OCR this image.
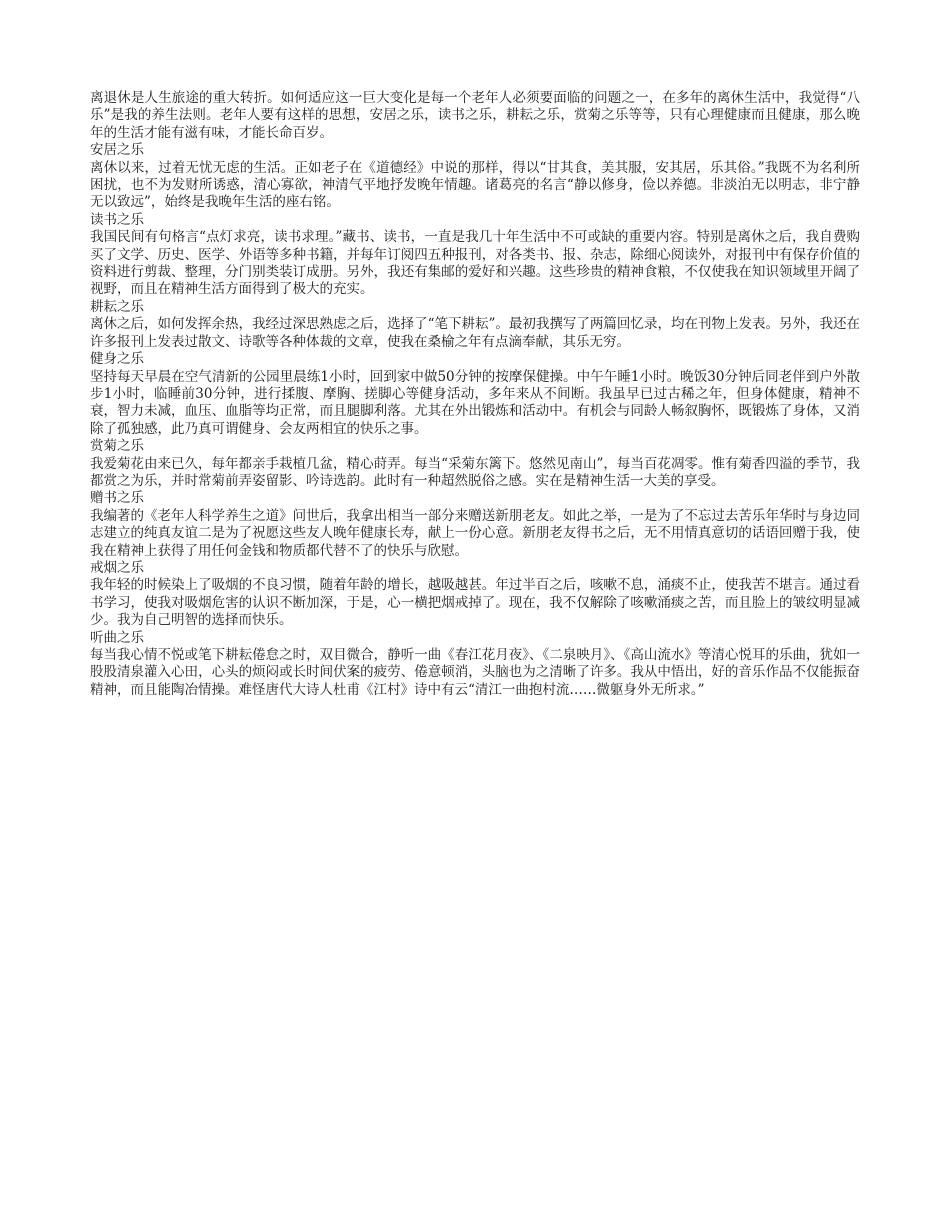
离退休是人生旅途的重大转折。如何适应这一巨大变化是每一个老年人必须要面临的问题之一，在多年的离休生活中，我觉得“八乐”是我的养生法则。老年人要有这样的思想，安居之乐，读书之乐，耕耘之乐，赏菊之乐等等，只有心理健康而且健康，那么晚年的生活才能有滋有味，才能长命百岁。

安居之乐

离休以来，过着无忧无虑的生活。正如老子在《道德经》中说的那样，得以“甘其食，美其服，安其居，乐其俗。”我既不为名利所困扰，也不为发财所诱惑，清心寡欲，神清气平地抒发晚年情趣。诸葛亮的名言“静以修身，俭以养德。非淡泊无以明志，非宁静无以致远”，始终是我晚年生活的座右铭。

读书之乐

我国民间有句格言“点灯求亮，读书求理。”藏书、读书，一直是我几十年生活中不可或缺的重要内容。特别是离休之后，我自费购买了文学、历史、医学、外语等多种书籍，并每年订阅四五种报刊，对各类书、报、杂志，除细心阅读外，对报刊中有保存价值的资料进行剪裁、整理，分门别类装订成册。另外，我还有集邮的爱好和兴趣。这些珍贵的精神食粮，不仅使我在知识领域里开阔了视野，而且在精神生活方面得到了极大的充实。

耕耘之乐

离休之后，如何发挥余热，我经过深思熟虑之后，选择了“笔下耕耘”。最初我撰写了两篇回忆录，均在刊物上发表。另外，我还在许多报刊上发表过散文、诗歌等各种体裁的文章，使我在桑榆之年有点滴奉献，其乐无穷。

健身之乐

坚持每天早晨在空气清新的公园里晨练1小时，回到家中做50分钟的按摩保健操。中午午睡1小时。晚饭30分钟后同老伴到户外散步1小时，临睡前30分钟，进行揉腹、摩胸、搓脚心等健身活动，多年来从不间断。我虽早已过古稀之年，但身体健康，精神不衰，智力未减，血压、血脂等均正常，而且腿脚利落。尤其在外出锻炼和活动中。有机会与同龄人畅叙胸怀，既锻炼了身体，又消除了孤独感，此乃真可谓健身、会友两相宜的快乐之事。

赏菊之乐

我爱菊花由来已久，每年都亲手栽植几盆，精心莳弄。每当“采菊东篱下。悠然见南山”，每当百花凋零。惟有菊香四溢的季节，我都赏之为乐，并时常菊前弄姿留影、吟诗选韵。此时有一种超然脱俗之感。实在是精神生活一大美的享受。

赠书之乐

我编著的《老年人科学养生之道》问世后，我拿出相当一部分来赠送新朋老友。如此之举，一是为了不忘过去苦乐年华时与身边同志建立的纯真友谊二是为了祝愿这些友人晚年健康长寿，献上一份心意。新朋老友得书之后，无不用情真意切的话语回赠于我，使我在精神上获得了用任何金钱和物质都代替不了的快乐与欣慰。

戒烟之乐

我年轻的时候染上了吸烟的不良习惯，随着年龄的增长，越吸越甚。年过半百之后，咳嗽不息，涌痰不止，使我苦不堪言。通过看书学习，使我对吸烟危害的认识不断加深，于是，心一横把烟戒掉了。现在，我不仅解除了咳嗽涌痰之苦，而且脸上的皱纹明显减少。我为自己明智的选择而快乐。

听曲之乐

每当我心情不悦或笔下耕耘倦怠之时，双目微合，静听一曲《春江花月夜》、《二泉映月》、《高山流水》等清心悦耳的乐曲，犹如一股股清泉灌入心田，心头的烦闷或长时间伏案的疲劳、倦意顿消，头脑也为之清晰了许多。我从中悟出，好的音乐作品不仅能振奋精神，而且能陶冶情操。难怪唐代大诗人杜甫《江村》诗中有云“清江一曲抱村流……微躯身外无所求。”
